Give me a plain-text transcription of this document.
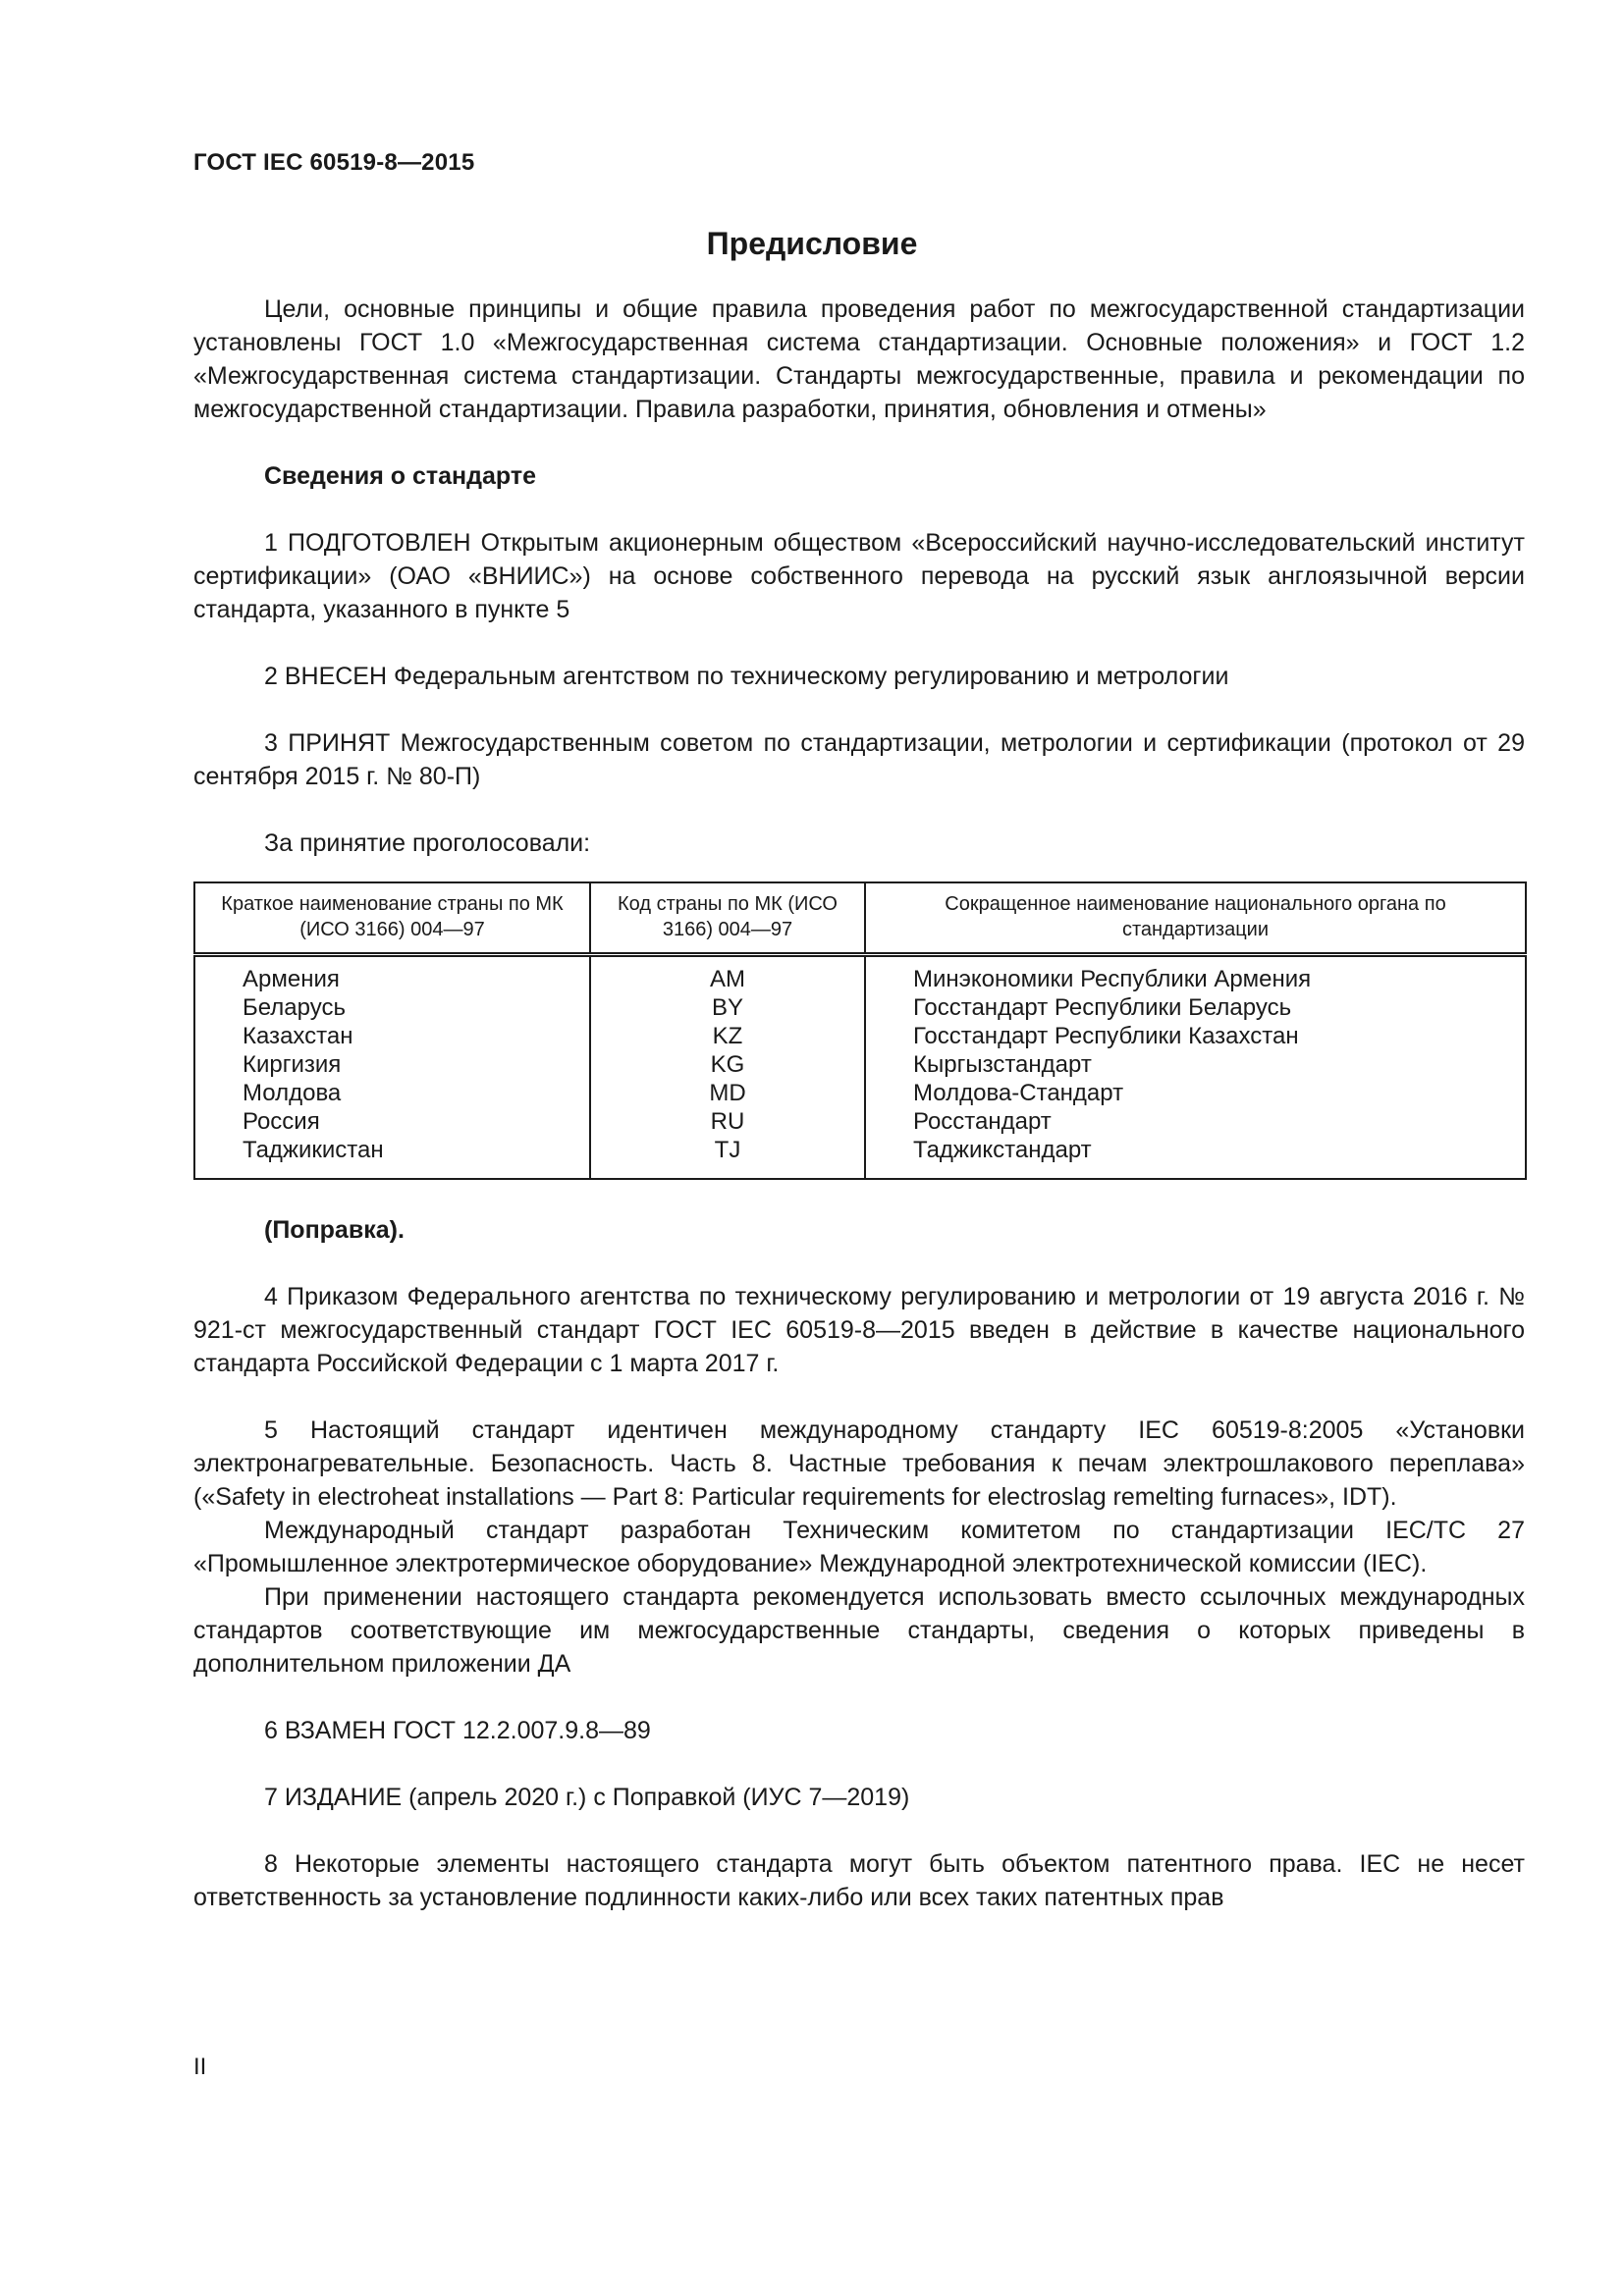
ГОСТ IEC 60519-8—2015
Предисловие

Цели, основные принципы и общие правила проведения работ по межгосударственной стандартизации установлены ГОСТ 1.0 «Межгосударственная система стандартизации. Основные положения» и ГОСТ 1.2 «Межгосударственная система стандартизации. Стандарты межгосударственные, правила и рекомендации по межгосударственной стандартизации. Правила разработки, принятия, обновления и отмены»

Сведения о стандарте

1 ПОДГОТОВЛЕН Открытым акционерным обществом «Всероссийский научно-исследовательский институт сертификации» (ОАО «ВНИИС») на основе собственного перевода на русский язык англоязычной версии стандарта, указанного в пункте 5

2 ВНЕСЕН Федеральным агентством по техническому регулированию и метрологии

3 ПРИНЯТ Межгосударственным советом по стандартизации, метрологии и сертификации (протокол от 29 сентября 2015 г. № 80-П)

За принятие проголосовали:

Краткое наименование страны по МК (ИСО 3166) 004—97	Код страны по МК (ИСО 3166) 004—97	Сокращенное наименование национального органа по стандартизации
Армения	AM	Минэкономики Республики Армения
Беларусь	BY	Госстандарт Республики Беларусь
Казахстан	KZ	Госстандарт Республики Казахстан
Киргизия	KG	Кыргызстандарт
Молдова	MD	Молдова-Стандарт
Россия	RU	Росстандарт
Таджикистан	TJ	Таджикстандарт

(Поправка).

4 Приказом Федерального агентства по техническому регулированию и метрологии от 19 августа 2016 г. № 921-ст межгосударственный стандарт ГОСТ IEC 60519-8—2015 введен в действие в качестве национального стандарта Российской Федерации с 1 марта 2017 г.

5 Настоящий стандарт идентичен международному стандарту IEC 60519-8:2005 «Установки электронагревательные. Безопасность. Часть 8. Частные требования к печам электрошлакового переплава» («Safety in electroheat installations — Part 8: Particular requirements for electroslag remelting furnaces», IDT).

Международный стандарт разработан Техническим комитетом по стандартизации IEC/TC 27 «Промышленное электротермическое оборудование» Международной электротехнической комиссии (IEC).

При применении настоящего стандарта рекомендуется использовать вместо ссылочных международных стандартов соответствующие им межгосударственные стандарты, сведения о которых приведены в дополнительном приложении ДА

6 ВЗАМЕН ГОСТ 12.2.007.9.8—89

7 ИЗДАНИЕ (апрель 2020 г.) с Поправкой (ИУС 7—2019)

8 Некоторые элементы настоящего стандарта могут быть объектом патентного права. IEC не несет ответственность за установление подлинности каких-либо или всех таких патентных прав

II
